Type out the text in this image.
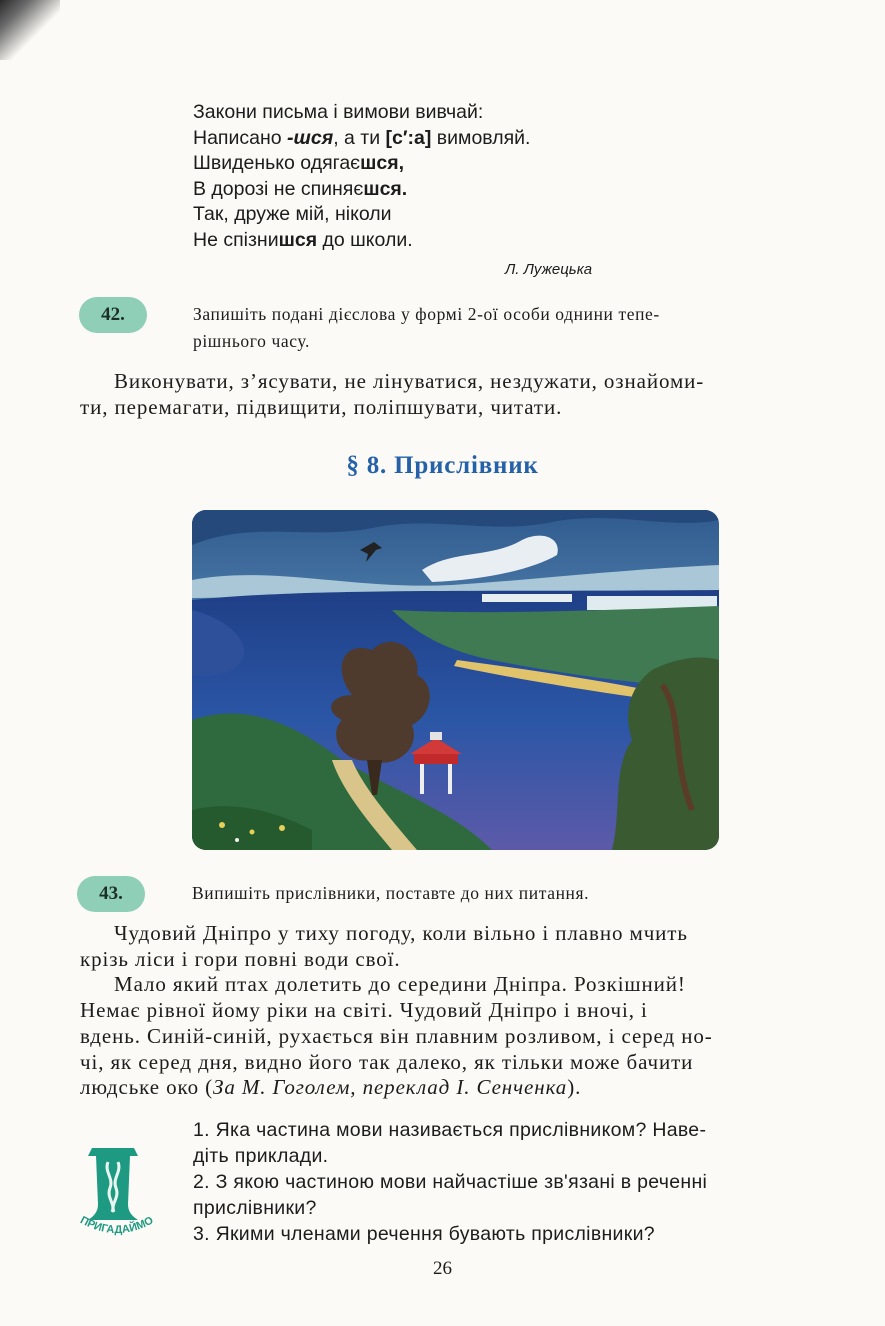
Закони письма і вимови вивчай:
Написано -шся, а ти [с′:а] вимовляй.
Швиденько одягаєшся,
В дорозі не спиняєшся.
Так, друже мій, ніколи
Не спізнишся до школи.
Л. Лужецька
42.	Запишіть подані дієслова у формі 2-ої особи однини тепе-
рішнього часу.
Виконувати, з’ясувати, не лінуватися, нездужати, ознайоми-
ти, перемагати, підвищити, поліпшувати, читати.
§ 8. Прислівник
43.	Випишіть прислівники, поставте до них питання.
Чудовий Дніпро у тиху погоду, коли вільно і плавно мчить
крізь ліси і гори повні води свої.
Мало який птах долетить до середини Дніпра. Розкішний!
Немає рівної йому ріки на світі. Чудовий Дніпро і вночі, і
вдень. Синій-синій, рухається він плавним розливом, і серед но-
чі, як серед дня, видно його так далеко, як тільки може бачити
людське око (За М. Гоголем, переклад І. Сенченка).
ПРИГАДАЙМО
1. Яка частина мови називається прислівником? Наве-
діть приклади.
2. З якою частиною мови найчастіше зв'язані в реченні
прислівники?
3. Якими членами речення бувають прислівники?
26
